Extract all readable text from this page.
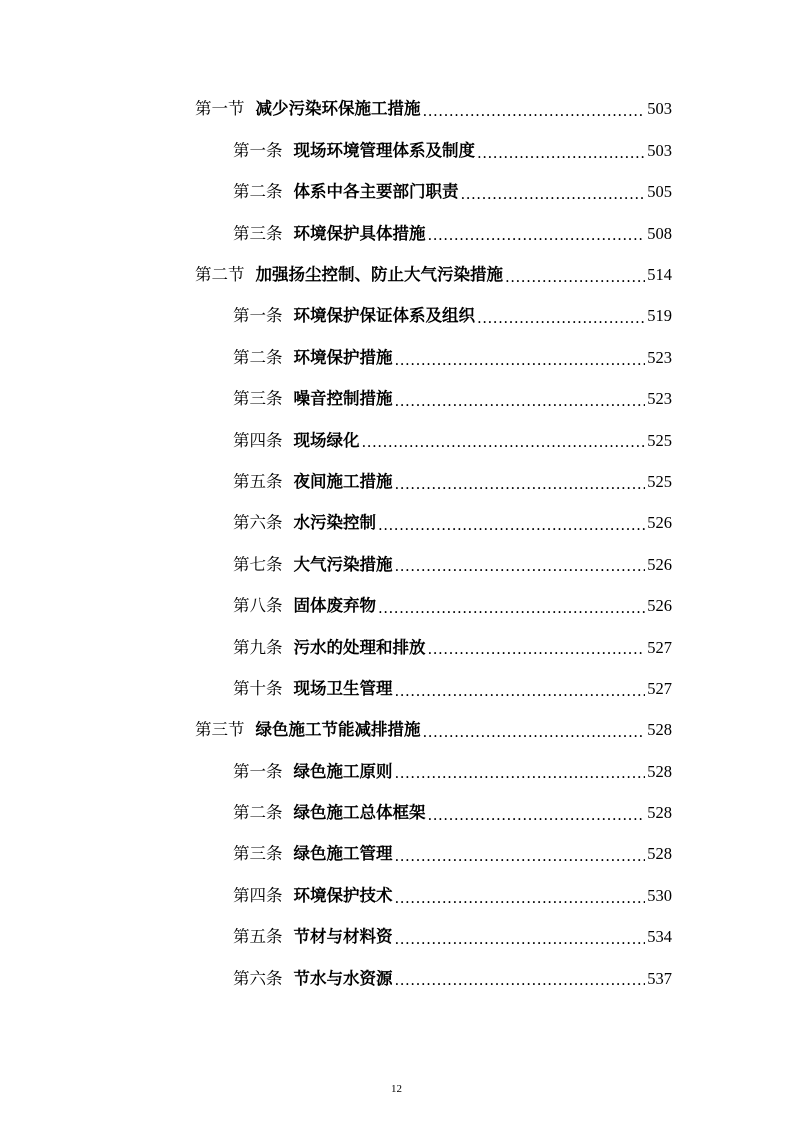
第一节 减少污染环保施工措施 .....	503
第一条 现场环境管理体系及制度 .....	503
第二条 体系中各主要部门职责 .....	505
第三条 环境保护具体措施 .....	508
第二节 加强扬尘控制、防止大气污染措施 .....	514
第一条 环境保护保证体系及组织 .....	519
第二条 环境保护措施 .....	523
第三条 噪音控制措施 .....	523
第四条 现场绿化 .....	525
第五条 夜间施工措施 .....	525
第六条 水污染控制 .....	526
第七条 大气污染措施 .....	526
第八条 固体废弃物 .....	526
第九条 污水的处理和排放 .....	527
第十条 现场卫生管理 .....	527
第三节 绿色施工节能减排措施 .....	528
第一条 绿色施工原则 .....	528
第二条 绿色施工总体框架 .....	528
第三条 绿色施工管理 .....	528
第四条 环境保护技术 .....	530
第五条 节材与材料资 .....	534
第六条 节水与水资源 .....	537
12
